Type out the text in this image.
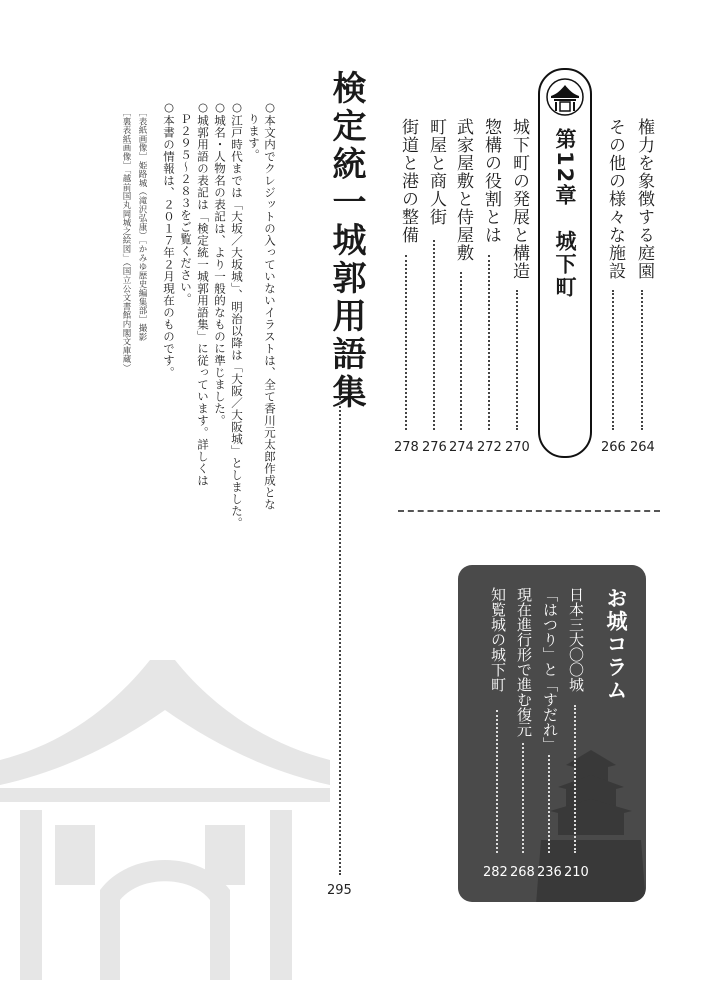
権力を象徴する庭園
264
その他の様々な施設
266
第12章　城下町
城下町の発展と構造
270
惣構の役割とは
272
武家屋敷と侍屋敷
274
町屋と商人街
276
街道と港の整備
278
検定統一城郭用語集
295
○本文内でクレジットの入っていないイラストは、全て香川元太郎作成とな
ります。
○江戸時代までは「大坂／大坂城」、明治以降は「大阪／大阪城」としました。
○城名・人物名の表記は、より一般的なものに準じました。
○城郭用語の表記は「検定統一城郭用語集」に従っています。詳しくは
Ｐ２９５～２８３をご覧ください。
○本書の情報は、２０１７年２月現在のものです。
［表紙画像］姫路城（滝沢弘康）［かみゆ歴史編集部］撮影
［裏表紙画像］「越前国丸岡城之絵図」（国立公文書館内閣文庫蔵）
お城コラム
日本三大〇〇城
「はつり」と「すだれ」
現在進行形で進む復元
知覧城の城下町
282 268 236 210
